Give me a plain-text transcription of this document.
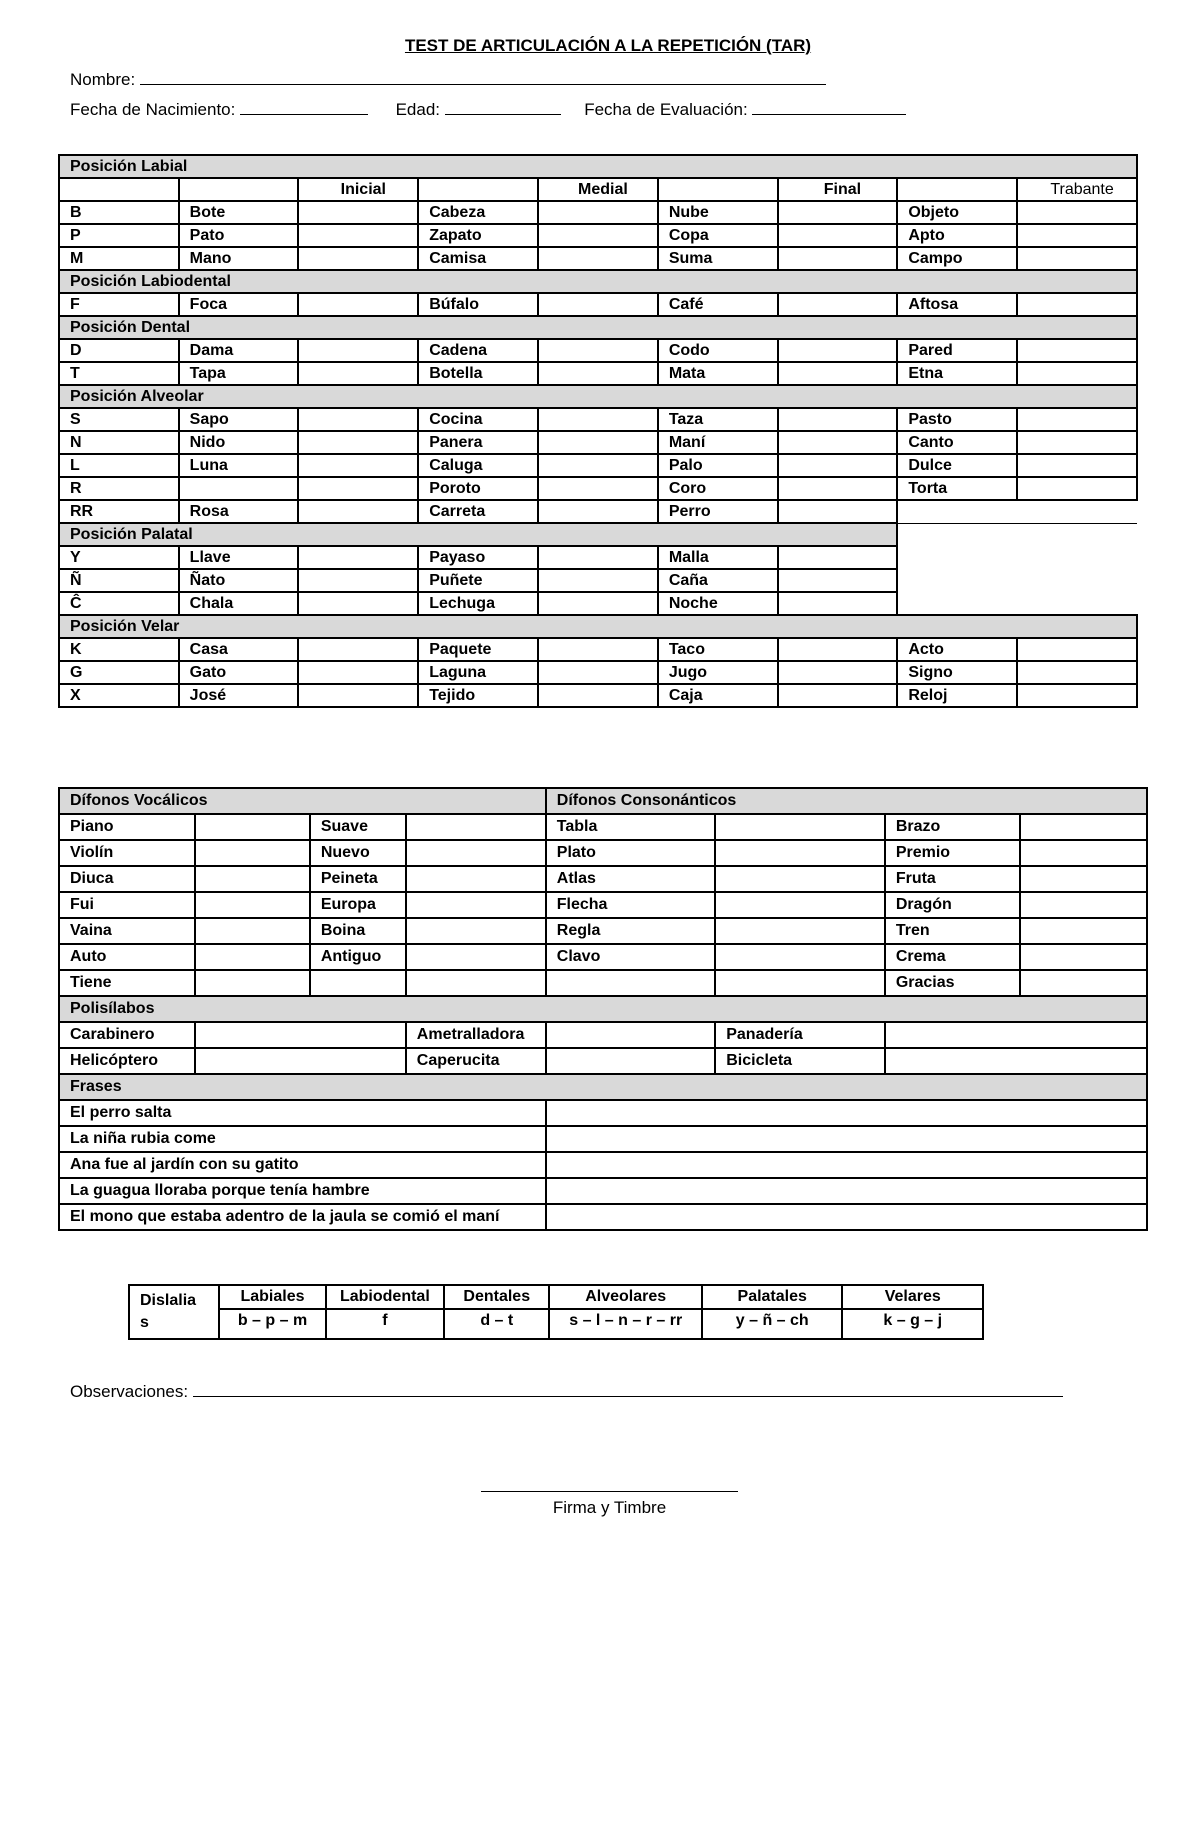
TEST DE ARTICULACIÓN A LA REPETICIÓN (TAR)
Nombre:
Fecha de Nacimiento:	Edad:	Fecha de Evaluación:
Posición Labial								
		Inicial		Medial		Final		Trabante
B	Bote		Cabeza		Nube		Objeto	
P	Pato		Zapato		Copa		Apto	
M	Mano		Camisa		Suma		Campo	
Posición Labiodental								
F	Foca		Búfalo		Café		Aftosa	
Posición Dental								
D	Dama		Cadena		Codo		Pared	
T	Tapa		Botella		Mata		Etna	
Posición Alveolar								
S	Sapo		Cocina		Taza		Pasto	
N	Nido		Panera		Maní		Canto	
L	Luna		Caluga		Palo		Dulce	
R			Poroto		Coro		Torta	
RR	Rosa		Carreta		Perro			
Posición Palatal								
Y	Llave		Payaso		Malla			
Ñ	Ñato		Puñete		Caña			
Ĉ	Chala		Lechuga		Noche			
Posición Velar								
K	Casa		Paquete		Taco		Acto	
G	Gato		Laguna		Jugo		Signo	
X	José		Tejido		Caja		Reloj	
Dífonos Vocálicos				Dífonos Consonánticos			
Piano		Suave		Tabla		Brazo	
Violín		Nuevo		Plato		Premio	
Diuca		Peineta		Atlas		Fruta	
Fui		Europa		Flecha		Dragón	
Vaina		Boina		Regla		Tren	
Auto		Antiguo		Clavo		Crema	
Tiene						Gracias	
Polisílabos							
Carabinero			Ametralladora		Panadería		
Helicóptero			Caperucita		Bicicleta		
Frases							
El perro salta							
La niña rubia come							
Ana fue al jardín con su gatito							
La guagua lloraba porque tenía hambre							
El mono que estaba adentro de la jaula se comió el maní							
Dislalia
s	Labiales	Labiodental	Dentales	Alveolares	Palatales	Velares
	b – p – m	f	d – t	s – l – n – r – rr	y – ñ – ch	k – g – j
Observaciones:
Firma y Timbre
